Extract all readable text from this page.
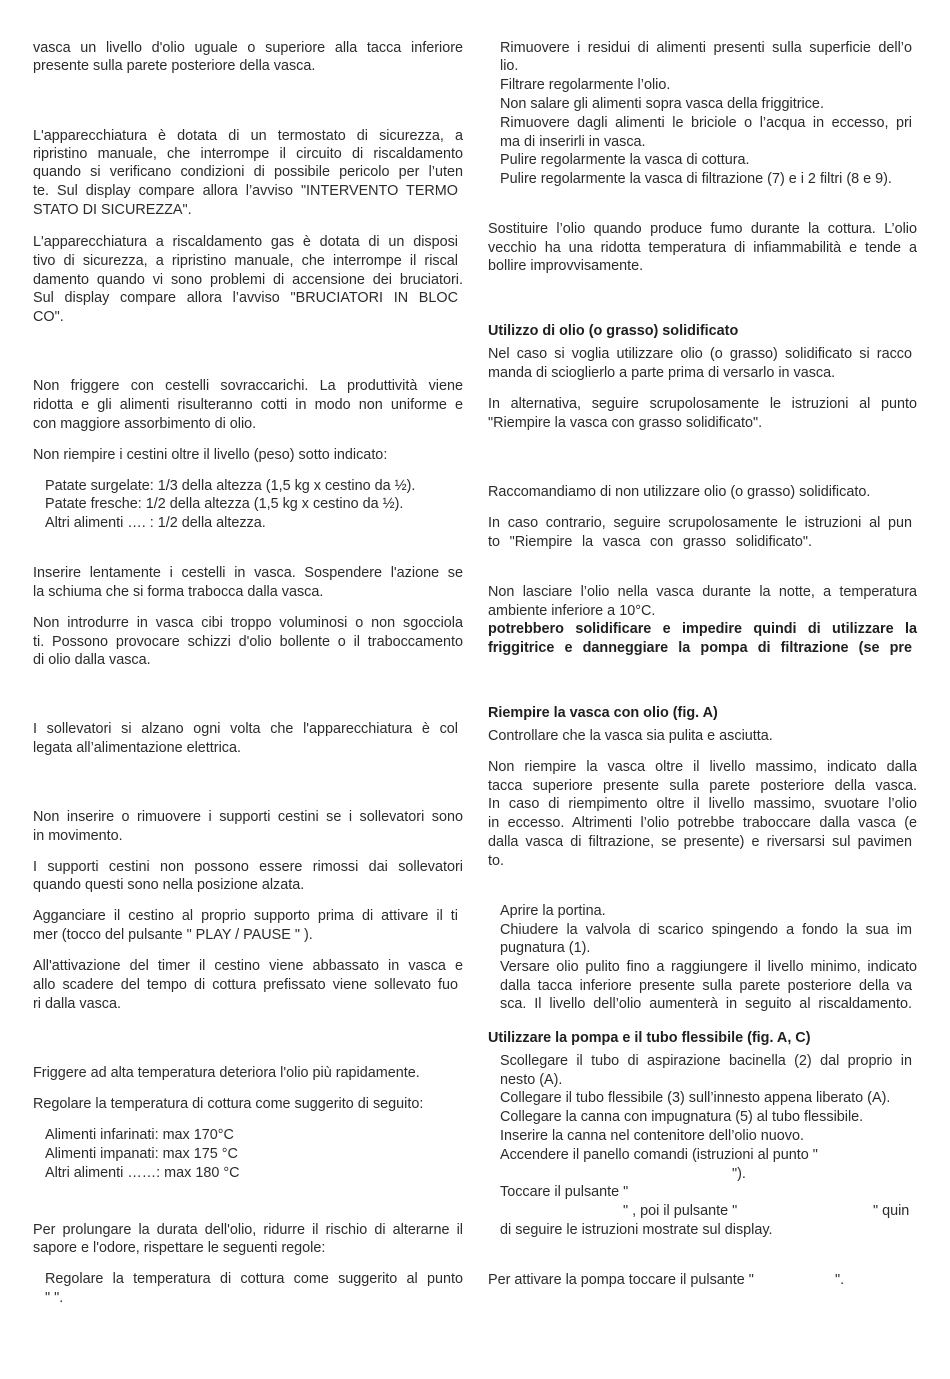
vasca un livello d'olio uguale o superiore alla tacca inferiore
presente sulla parete posteriore della vasca.
L'apparecchiatura è dotata di un termostato di sicurezza, a
ripristino manuale, che interrompe il circuito di riscaldamento
quando si verificano condizioni di possibile pericolo per l’uten
te. Sul display compare allora l’avviso "INTERVENTO TERMO
STATO DI SICUREZZA".
L'apparecchiatura a riscaldamento gas è dotata di un disposi
tivo di sicurezza, a ripristino manuale, che interrompe il riscal
damento quando vi sono problemi di accensione dei bruciatori.
Sul display compare allora l’avviso "BRUCIATORI IN BLOC
CO".
Non friggere con cestelli sovraccarichi. La produttività viene
ridotta e gli alimenti risulteranno cotti in modo non uniforme e
con maggiore assorbimento di olio.
Non riempire i cestini oltre il livello (peso) sotto indicato:
Patate surgelate: 1/3 della altezza (1,5 kg x cestino da ½).
Patate fresche: 1/2 della altezza (1,5 kg x cestino da ½).
Altri alimenti …. : 1/2 della altezza.
Inserire lentamente i cestelli in vasca. Sospendere l'azione se
la schiuma che si forma trabocca dalla vasca.
Non introdurre in vasca cibi troppo voluminosi o non sgocciola
ti. Possono provocare schizzi d'olio bollente o il traboccamento
di olio dalla vasca.
I sollevatori si alzano ogni volta che l'apparecchiatura è col
legata all’alimentazione elettrica.
Non inserire o rimuovere i supporti cestini se i sollevatori sono
in movimento.
I supporti cestini non possono essere rimossi dai sollevatori
quando questi sono nella posizione alzata.
Agganciare il cestino al proprio supporto prima di attivare il ti
mer (tocco del pulsante " PLAY / PAUSE " ).
All'attivazione del timer il cestino viene abbassato in vasca e
allo scadere del tempo di cottura prefissato viene sollevato fuo
ri dalla vasca.
Friggere ad alta temperatura deteriora l'olio più rapidamente.
Regolare la temperatura di cottura come suggerito di seguito:
Alimenti infarinati: max 170°C
Alimenti impanati: max 175 °C
Altri alimenti ……: max 180 °C
Per prolungare la durata dell'olio, ridurre il rischio di alterarne il
sapore e l'odore, rispettare le seguenti regole:
Regolare la temperatura di cottura come suggerito al punto
" ".
Rimuovere i residui di alimenti presenti sulla superficie dell’o
lio.
Filtrare regolarmente l’olio.
Non salare gli alimenti sopra vasca della friggitrice.
Rimuovere dagli alimenti le briciole o l’acqua in eccesso, pri
ma di inserirli in vasca.
Pulire regolarmente la vasca di cottura.
Pulire regolarmente la vasca di filtrazione (7) e i 2 filtri (8 e 9).
Sostituire l’olio quando produce fumo durante la cottura. L’olio
vecchio ha una ridotta temperatura di infiammabilità e tende a
bollire improvvisamente.
Utilizzo di olio (o grasso) solidificato
Nel caso si voglia utilizzare olio (o grasso) solidificato si racco
manda di scioglierlo a parte prima di versarlo in vasca.
In alternativa, seguire scrupolosamente le istruzioni al punto
"Riempire la vasca con grasso solidificato".
Raccomandiamo di non utilizzare olio (o grasso) solidificato.
In caso contrario, seguire scrupolosamente le istruzioni al pun
to "Riempire la vasca con grasso solidificato".
Non lasciare l’olio nella vasca durante la notte, a temperatura
ambiente inferiore a 10°C.
potrebbero solidificare e impedire quindi di utilizzare la
friggitrice e danneggiare la pompa di filtrazione (se pre
Riempire la vasca con olio (fig. A)
Controllare che la vasca sia pulita e asciutta.
Non riempire la vasca oltre il livello massimo, indicato dalla
tacca superiore presente sulla parete posteriore della vasca.
In caso di riempimento oltre il livello massimo, svuotare l’olio
in eccesso. Altrimenti l’olio potrebbe traboccare dalla vasca (e
dalla vasca di filtrazione, se presente) e riversarsi sul pavimen
to.
Aprire la portina.
Chiudere la valvola di scarico spingendo a fondo la sua im
pugnatura (1).
Versare olio pulito fino a raggiungere il livello minimo, indicato
dalla tacca inferiore presente sulla parete posteriore della va
sca. Il livello dell’olio aumenterà in seguito al riscaldamento.
Utilizzare la pompa e il tubo flessibile (fig. A, C)
Scollegare il tubo di aspirazione bacinella (2) dal proprio in
nesto (A).
Collegare il tubo flessibile (3) sull’innesto appena liberato (A).
Collegare la canna con impugnatura (5) al tubo flessibile.
Inserire la canna nel contenitore dell’olio nuovo.
Accendere il panello comandi (istruzioni al punto "
").
Toccare il pulsante "
" , poi il pulsante "	" quin
di seguire le istruzioni mostrate sul display.
Per attivare la pompa toccare il pulsante "	".
